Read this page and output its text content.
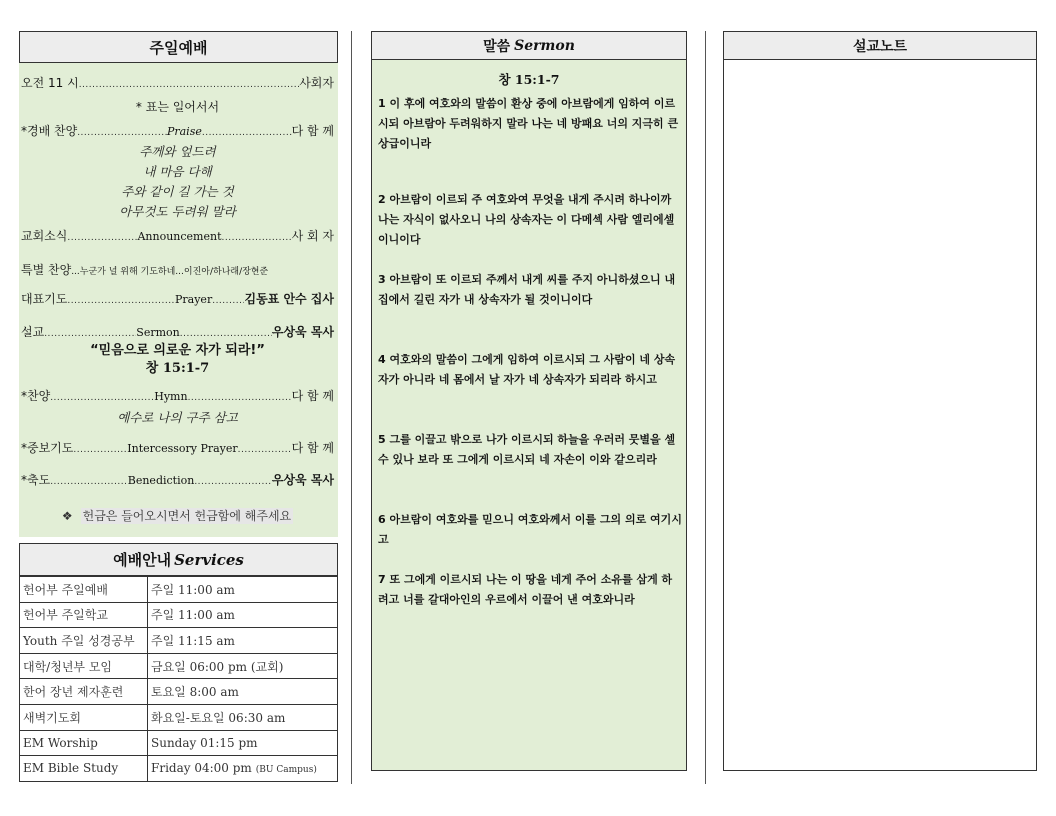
주일예배
오전 11 시 .....	사회자
* 표는 일어서서
*경배 찬양 .....	Praise .....	다 함 께
주께와 엎드려
내 마음 다해
주와 같이 길 가는 것
아무것도 두려워 말라
교회소식 .....	Announcement .....	사 회 자
특별 찬양 ... 누군가 널 위해 기도하네...이진아/하나래/장현준
대표기도 .....	Prayer .....	김동표 안수 집사
설교 .....	Sermon .....	우상욱 목사
“믿음으로 의로운 자가 되라!”
창 15:1-7
*찬양 .....	Hymn .....	다 함 께
예수로 나의 구주 삼고
*중보기도 .....	Intercessory Prayer .....	다 함 께
*축도 .....	Benediction .....	우상욱 목사
❖ 헌금은 들어오시면서 헌금함에 해주세요
예배안내 Services
헌어부 주일예배	주일 11:00 am
헌어부 주일학교	주일 11:00 am
Youth 주일 성경공부	주일 11:15 am
대학/청년부 모임	금요일 06:00 pm (교회)
한어 장년 제자훈련	토요일 8:00 am
새벽기도회	화요일-토요일 06:30 am
EM Worship	Sunday 01:15 pm
EM Bible Study	Friday 04:00 pm (BU Campus)
말씀 Sermon
창 15:1-7
1 이 후에 여호와의 말씀이 환상 중에 아브람에게 임하여 이르시되 아브람아 두려워하지 말라 나는 네 방패요 너의 지극히 큰 상급이니라
2 아브람이 이르되 주 여호와여 무엇을 내게 주시려 하나이까 나는 자식이 없사오니 나의 상속자는 이 다메섹 사람 엘리에셀이니이다
3 아브람이 또 이르되 주께서 내게 씨를 주지 아니하셨으니 내 집에서 길린 자가 내 상속자가 될 것이니이다
4 여호와의 말씀이 그에게 임하여 이르시되 그 사람이 네 상속자가 아니라 네 몸에서 날 자가 네 상속자가 되리라 하시고
5 그를 이끌고 밖으로 나가 이르시되 하늘을 우러러 뭇별을 셀 수 있나 보라 또 그에게 이르시되 네 자손이 이와 같으리라
6 아브람이 여호와를 믿으니 여호와께서 이를 그의 의로 여기시고
7 또 그에게 이르시되 나는 이 땅을 네게 주어 소유를 삼게 하려고 너를 갈대아인의 우르에서 이끌어 낸 여호와니라
설교노트
